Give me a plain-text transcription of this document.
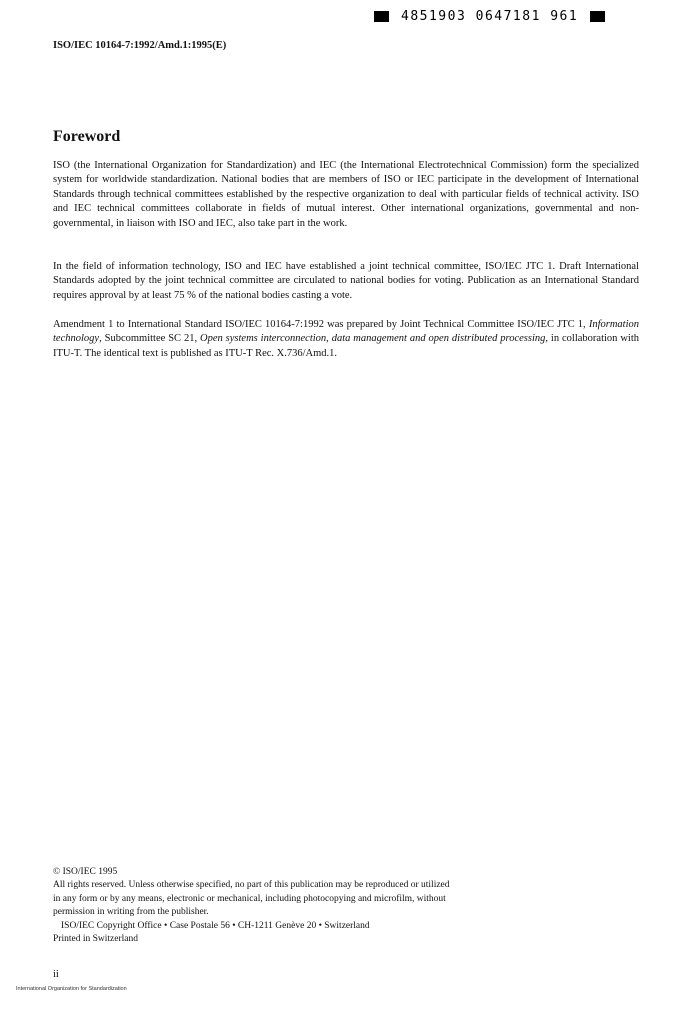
4851903 0647181 961
ISO/IEC 10164-7:1992/Amd.1:1995(E)
Foreword

ISO (the International Organization for Standardization) and IEC (the International Electrotechnical Commission) form the specialized system for worldwide standardization. National bodies that are members of ISO or IEC participate in the development of International Standards through technical committees established by the respective organization to deal with particular fields of technical activity. ISO and IEC technical committees collaborate in fields of mutual interest. Other international organizations, governmental and non-governmental, in liaison with ISO and IEC, also take part in the work.

In the field of information technology, ISO and IEC have established a joint technical committee, ISO/IEC JTC 1. Draft International Standards adopted by the joint technical committee are circulated to national bodies for voting. Publication as an International Standard requires approval by at least 75 % of the national bodies casting a vote.

Amendment 1 to International Standard ISO/IEC 10164-7:1992 was prepared by Joint Technical Committee ISO/IEC JTC 1, Information technology, Subcommittee SC 21, Open systems interconnection, data management and open distributed processing, in collaboration with ITU-T. The identical text is published as ITU-T Rec. X.736/Amd.1.

© ISO/IEC 1995

All rights reserved. Unless otherwise specified, no part of this publication may be reproduced or utilized in any form or by any means, electronic or mechanical, including photocopying and microfilm, without permission in writing from the publisher.

ISO/IEC Copyright Office • Case Postale 56 • CH-1211 Genève 20 • Switzerland

Printed in Switzerland

ii
International Organization for Standardization
